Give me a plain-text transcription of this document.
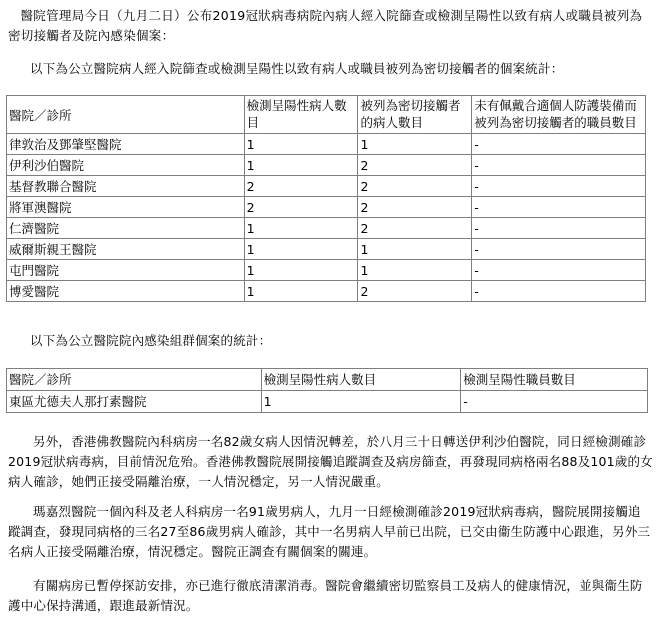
醫院管理局今日（九月二日）公布2019冠狀病毒病院內病人經入院篩查或檢測呈陽性以致有病人或職員被列為密切接觸者及院內感染個案：

以下為公立醫院病人經入院篩查或檢測呈陽性以致有病人或職員被列為密切接觸者的個案統計：

醫院／診所	檢測呈陽性病人數目	被列為密切接觸者的病人數目	未有佩戴合適個人防護裝備而被列為密切接觸者的職員數目
律敦治及鄧肇堅醫院	1	1	-
伊利沙伯醫院	1	2	-
基督教聯合醫院	2	2	-
將軍澳醫院	2	2	-
仁濟醫院	1	2	-
威爾斯親王醫院	1	1	-
屯門醫院	1	1	-
博愛醫院	1	2	-

以下為公立醫院院內感染組群個案的統計：

醫院／診所	檢測呈陽性病人數目	檢測呈陽性職員數目
東區尤德夫人那打素醫院	1	-

另外，香港佛教醫院內科病房一名82歲女病人因情況轉差，於八月三十日轉送伊利沙伯醫院，同日經檢測確診2019冠狀病毒病，目前情況危殆。香港佛教醫院展開接觸追蹤調查及病房篩查，再發現同病格兩名88及101歲的女病人確診，她們正接受隔離治療，一人情況穩定，另一人情況嚴重。

瑪嘉烈醫院一個內科及老人科病房一名91歲男病人，九月一日經檢測確診2019冠狀病毒病，醫院展開接觸追蹤調查，發現同病格的三名27至86歲男病人確診，其中一名男病人早前已出院，已交由衞生防護中心跟進，另外三名病人正接受隔離治療，情況穩定。醫院正調查有關個案的關連。

有關病房已暫停探訪安排，亦已進行徹底清潔消毒。醫院會繼續密切監察員工及病人的健康情況，並與衞生防護中心保持溝通，跟進最新情況。
